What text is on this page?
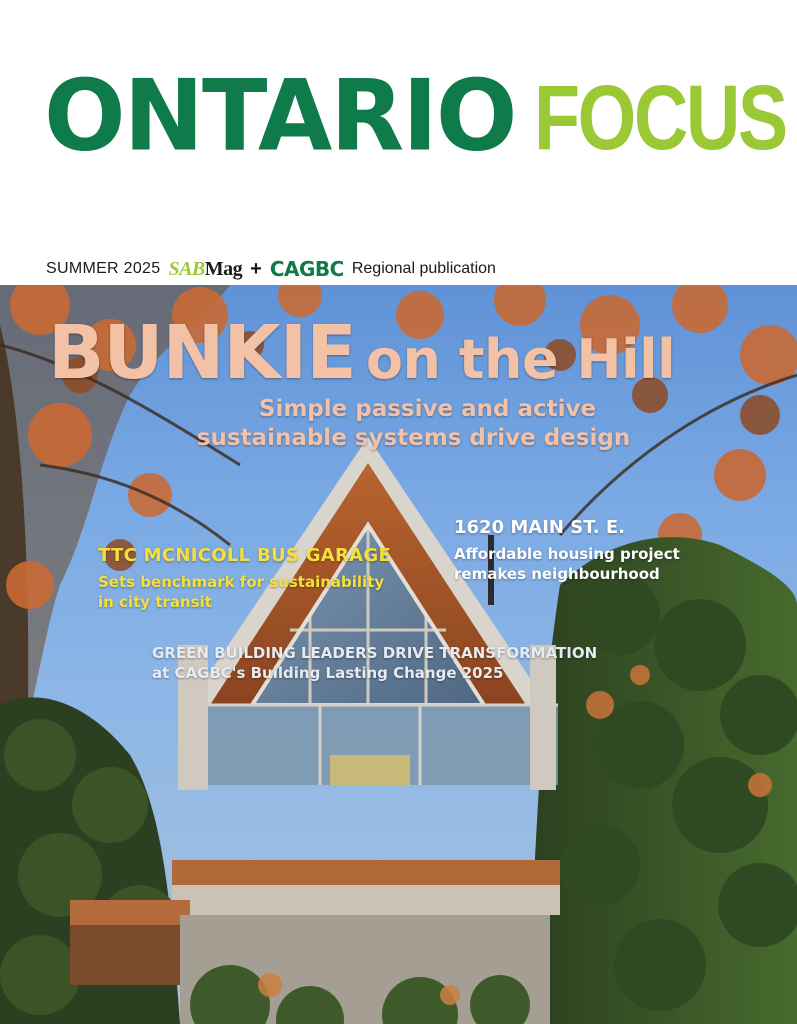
ONTARIO FOCUS
SUMMER 2025 SABMag + CAGBC Regional publication
BUNKIE on the Hill
Simple passive and active
sustainable systems drive design
1620 MAIN ST. E.
Affordable housing project
remakes neighbourhood
TTC MCNICOLL BUS GARAGE
Sets benchmark for sustainability
in city transit
GREEN BUILDING LEADERS DRIVE TRANSFORMATION
at CAGBC's Building Lasting Change 2025
